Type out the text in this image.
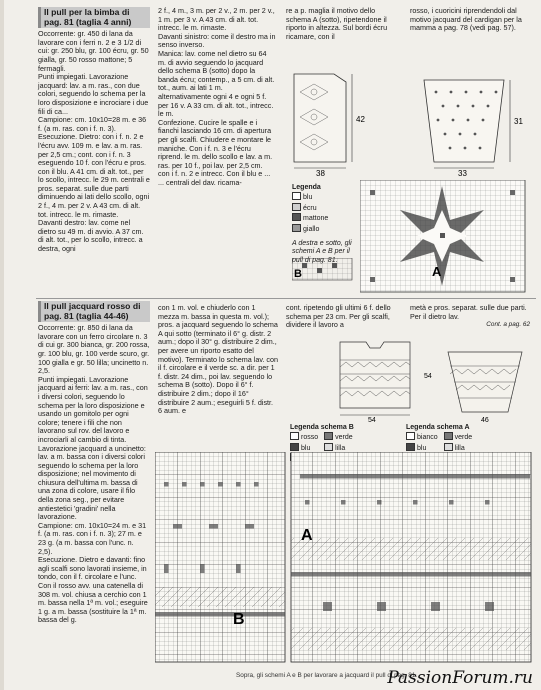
Il pull per la bimba di pag. 81 (taglia 4 anni)

Occorrente: gr. 450 di lana da lavorare con i ferri n. 2 e 3 1/2 di cui: gr. 250 blu, gr. 100 écru, gr. 50 gialla, gr. 50 rosso mattone; 5 fermagli.

Punti impiegati. Lavorazione jacquard: lav. a m. ras., con due colori, seguendo lo schema per la loro disposizione e incrociare i due fili di ca...

Campione: cm. 10x10=28 m. e 36 f. (a m. ras. con i f. n. 3).

Esecuzione. Dietro: con i f. n. 2 e l'écru avv. 109 m. e lav. a m. ras. per 2,5 cm.; cont. con i f. n. 3 eseguendo 10 f. con l'écru e pros. con il blu. A 41 cm. di alt. tot., per lo scollo, intrecc. le 29 m. centrali e pros. separat. sulle due parti diminuendo ai lati dello scollo, ogni 2 f., 4 m. per 2 v. A 43 cm. di alt. tot. intrecc. le m. rimaste.

Davanti destro: lav. come nel dietro su 49 m. di avvio. A 37 cm. di alt. tot., per lo scollo, intrecc. a destra, ogni

2 f., 4 m., 3 m. per 2 v., 2 m. per 2 v., 1 m. per 3 v. A 43 cm. di alt. tot. intrecc. le m. rimaste.

Davanti sinistro: come il destro ma in senso inverso.

Manica: lav. come nel dietro su 64 m. di avvio seguendo lo jacquard dello schema B (sotto) dopo la banda écru; contemp., a 5 cm. di alt. tot., aum. ai lati 1 m. alternativamente ogni 4 e ogni 5 f. per 16 v. A 33 cm. di alt. tot., intrecc. le m.

Confezione. Cucire le spalle e i fianchi lasciando 16 cm. di apertura per gli scalfi. Chiudere e montare le maniche. Con i f. n. 3 e l'écru riprend. le m. dello scollo e lav. a m. ras. per 10 f., poi lav. per 2,5 cm. con i f. n. 2 e intrecc. Con il blu e ...

... centrali del dav. ricama-

re a p. maglia il motivo dello schema A (sotto), ripetendone il riporto in altezza. Sul bordi écru ricamare, con il

rosso, i cuoricini riprendendoli dal motivo jacquard del cardigan per la mamma a pag. 78 (vedi pag. 57).

42
38
31
33
Legenda
blu
écru
mattone
giallo
A destra e sotto, gli schemi A e B per il
A
B
Il pull jacquard rosso di pag. 81 (taglia 44-46)

Occorrente: gr. 850 di lana da lavorare con un ferro circolare n. 3 di cui gr. 300 bianca, gr. 200 rossa, gr. 100 blu, gr. 100 verde scuro, gr. 100 gialla e gr. 50 lilla; uncinetto n. 2,5.

Punti impiegati. Lavorazione jacquard ai ferri: lav. a m. ras., con i diversi colori, seguendo lo schema per la loro disposizione e usando un gomitolo per ogni colore; tenere i fili che non lavorano sul rov. del lavoro e incrociarli al cambio di tinta.

Lavorazione jacquard a uncinetto: lav. a m. bassa con i diversi colori seguendo lo schema per la loro disposizione; nel movimento di chiusura dell'ultima m. bassa di una zona di colore, usare il filo della zona seg., per evitare antiestetici 'gradini' nella lavorazione.

Campione: cm. 10x10=24 m. e 31 f. (a m. ras. con i f. n. 3); 27 m. e 23 g. (a m. bassa con l'unc. n. 2,5).

Esecuzione. Dietro e davanti: fino agli scalfi sono lavorati insieme, in tondo, con il f. circolare e l'unc. Con il rosso avv. una catenella di 308 m. vol. chiusa a cerchio con 1 m. bassa nella 1ª m. vol.; eseguire 1 g. a m. bassa (sostituire la 1ª m. bassa del g.

con 1 m. vol. e chiuderlo con 1 mezza m. bassa in questa m. vol.); pros. a jacquard seguendo lo schema A qui sotto (terminato il 6° g. distr. 2 aum.; dopo il 30° g. distribuire 2 dim., per avere un riporto esatto del motivo). Terminato lo schema lav. con il f. circolare e il verde sc. a dir. per 1 f. distr. 24 dim., poi lav. seguendo lo schema B (sotto). Dopo il 6° f. distribuire 2 dim.; dopo il 16° distribuire 2 aum.; eseguirli 5 f. distr. 6 aum. e

cont. ripetendo gli ultimi 6 f. dello schema per 23 cm. Per gli scalfi, dividere il lavoro a

metà e pros. separat. sulle due parti. Per il dietro lav.

Cont. a pag. 62

54	46
54
Legenda schema B
rosso
blu
verde
lilla
Legenda schema A
bianco
blu
verde
lilla
B
A
Sopra, gli schemi A e B per lavorare a jacquard il pull di pag. 81.
PassionForum.ru
